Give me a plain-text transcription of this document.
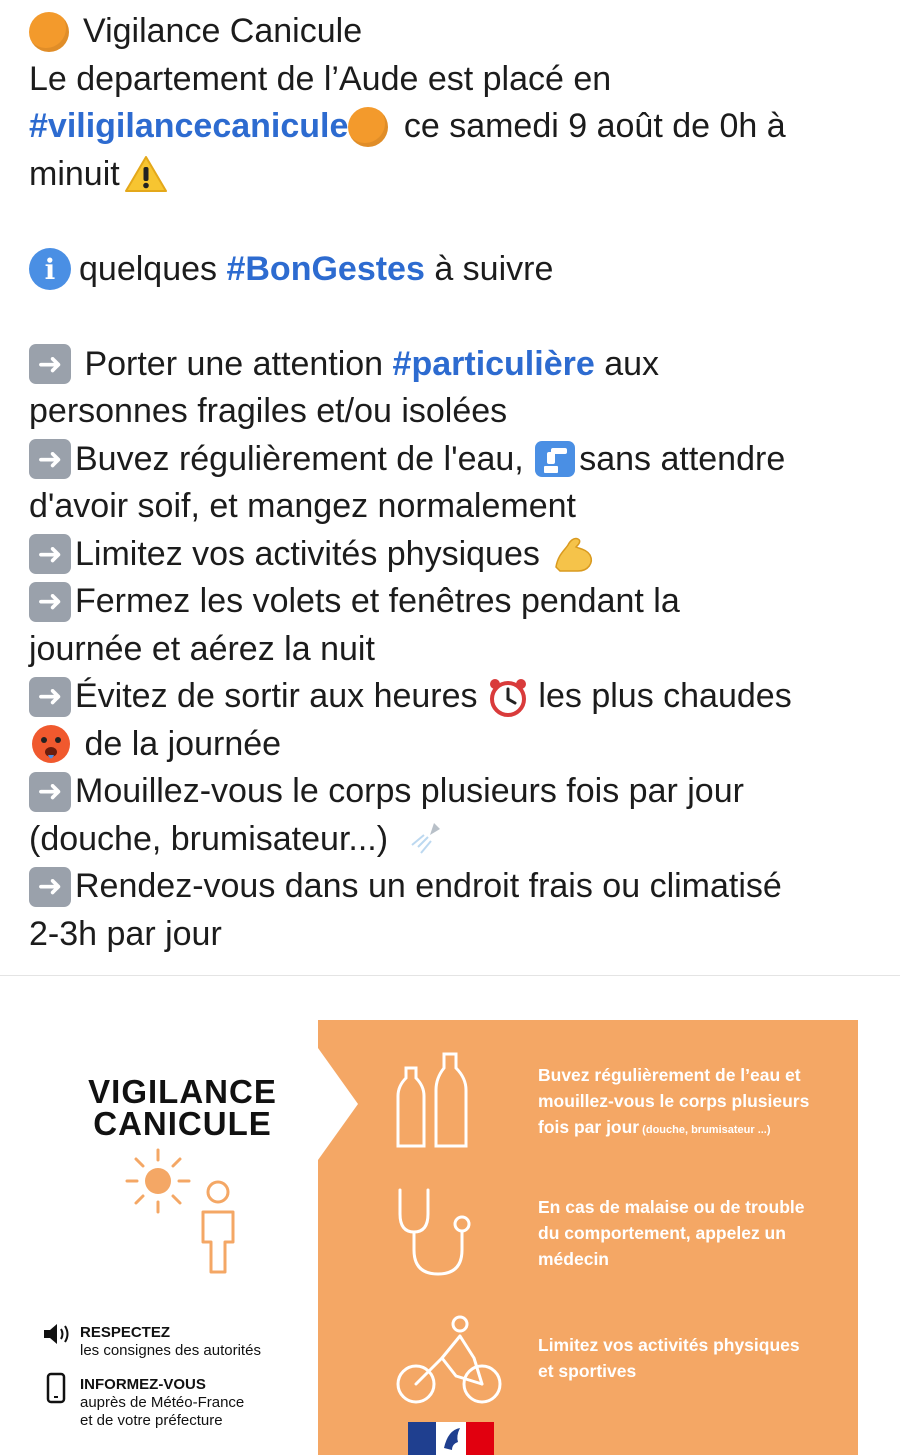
Vigilance Canicule
Le departement de l’Aude est placé en
#viligilancecanicule ce samedi 9 août de 0h à
minuit
i quelques #BonGestes à suivre
➜ Porter une attention #particulière aux
personnes fragiles et/ou isolées
➜ Buvez régulièrement de l'eau, sans attendre
d'avoir soif, et mangez normalement
➜ Limitez vos activités physiques
➜ Fermez les volets et fenêtres pendant la
journée et aérez la nuit
➜ Évitez de sortir aux heures les plus chaudes
de la journée
➜ Mouillez-vous le corps plusieurs fois par jour
(douche, brumisateur...)
➜ Rendez-vous dans un endroit frais ou climatisé
2-3h par jour
VIGILANCE
CANICULE
Buvez régulièrement de l’eau et
mouillez-vous le corps plusieurs
fois par jour (douche, brumisateur ...)
En cas de malaise ou de trouble
du comportement, appelez un
médecin
Limitez vos activités physiques
et sportives
RESPECTEZ
les consignes des autorités
INFORMEZ-VOUS
auprès de Météo-France
et de votre préfecture
